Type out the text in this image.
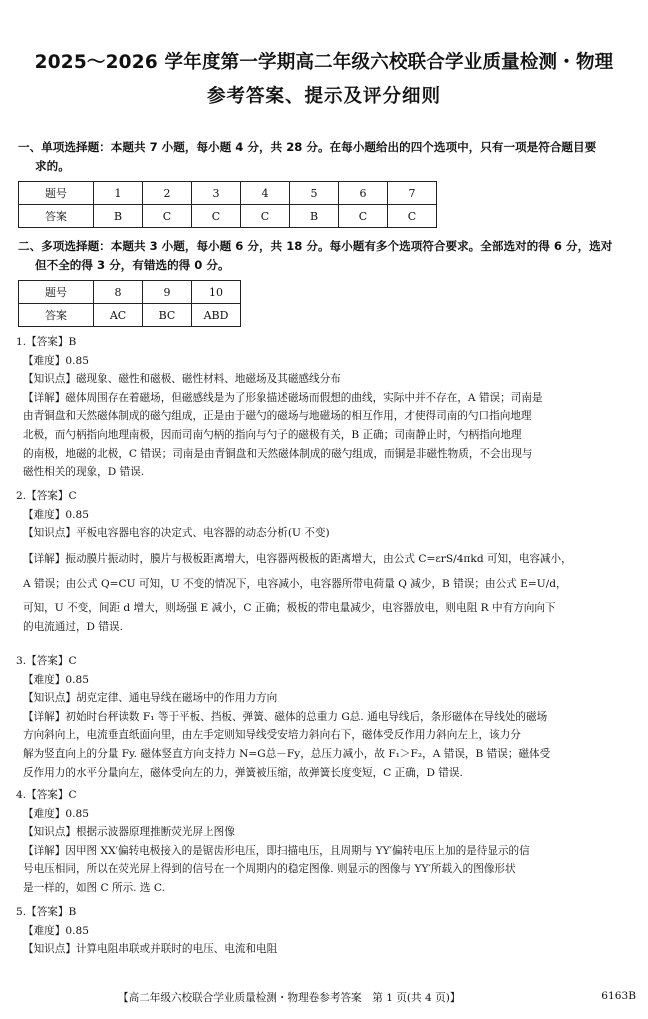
2025～2026 学年度第一学期高二年级六校联合学业质量检测・物理
参考答案、提示及评分细则
一、单项选择题：本题共 7 小题，每小题 4 分，共 28 分。在每小题给出的四个选项中，只有一项是符合题目要
求的。
题号	1	2	3	4	5	6	7
答案	B	C	C	C	B	C	C
二、多项选择题：本题共 3 小题，每小题 6 分，共 18 分。每小题有多个选项符合要求。全部选对的得 6 分，选对
但不全的得 3 分，有错选的得 0 分。
题号	8	9	10
答案	AC	BC	ABD

1.【答案】B

【难度】0.85

【知识点】磁现象、磁性和磁极、磁性材料、地磁场及其磁感线分布

【详解】磁体周围存在着磁场，但磁感线是为了形象描述磁场而假想的曲线，实际中并不存在，A 错误；司南是

由青铜盘和天然磁体制成的磁勺组成，正是由于磁勺的磁场与地磁场的相互作用，才使得司南的勺口指向地理

北极，而勺柄指向地理南极，因而司南勺柄的指向与勺子的磁极有关，B 正确；司南静止时，勺柄指向地理

的南极，地磁的北极，C 错误；司南是由青铜盘和天然磁体制成的磁勺组成，而铜是非磁性物质，不会出现与

磁性相关的现象，D 错误.

2.【答案】C

【难度】0.85

【知识点】平板电容器电容的决定式、电容器的动态分析(U 不变)

【详解】振动膜片振动时，膜片与极板距离增大，电容器两极板的距离增大，由公式 C=εrS/4πkd 可知，电容减小，

A 错误；由公式 Q=CU 可知，U 不变的情况下，电容减小，电容器所带电荷量 Q 减少，B 错误；由公式 E=U/d，

可知，U 不变，间距 d 增大，则场强 E 减小，C 正确；极板的带电量减少，电容器放电，则电阻 R 中有方向向下

的电流通过，D 错误.

3.【答案】C

【难度】0.85

【知识点】胡克定律、通电导线在磁场中的作用力方向

【详解】初始时台秤读数 F₁ 等于平板、挡板、弹簧、磁体的总重力 G总. 通电导线后，条形磁体在导线处的磁场

方向斜向上，电流垂直纸面向里，由左手定则知导线受安培力斜向右下，磁体受反作用力斜向左上，该力分

解为竖直向上的分量 Fy. 磁体竖直方向支持力 N=G总－Fy，总压力减小，故 F₁＞F₂，A 错误，B 错误；磁体受

反作用力的水平分量向左，磁体受向左的力，弹簧被压缩，故弹簧长度变短，C 正确，D 错误.

4.【答案】C

【难度】0.85

【知识点】根据示波器原理推断荧光屏上图像

【详解】因甲图 XX′偏转电极接入的是锯齿形电压，即扫描电压，且周期与 YY′偏转电压上加的是待显示的信

号电压相同，所以在荧光屏上得到的信号在一个周期内的稳定图像. 则显示的图像与 YY′所载入的图像形状

是一样的，如图 C 所示. 选 C.

5.【答案】B

【难度】0.85

【知识点】计算电阻串联或并联时的电压、电流和电阻

【高二年级六校联合学业质量检测・物理卷参考答案　第 1 页(共 4 页)】	6163B
